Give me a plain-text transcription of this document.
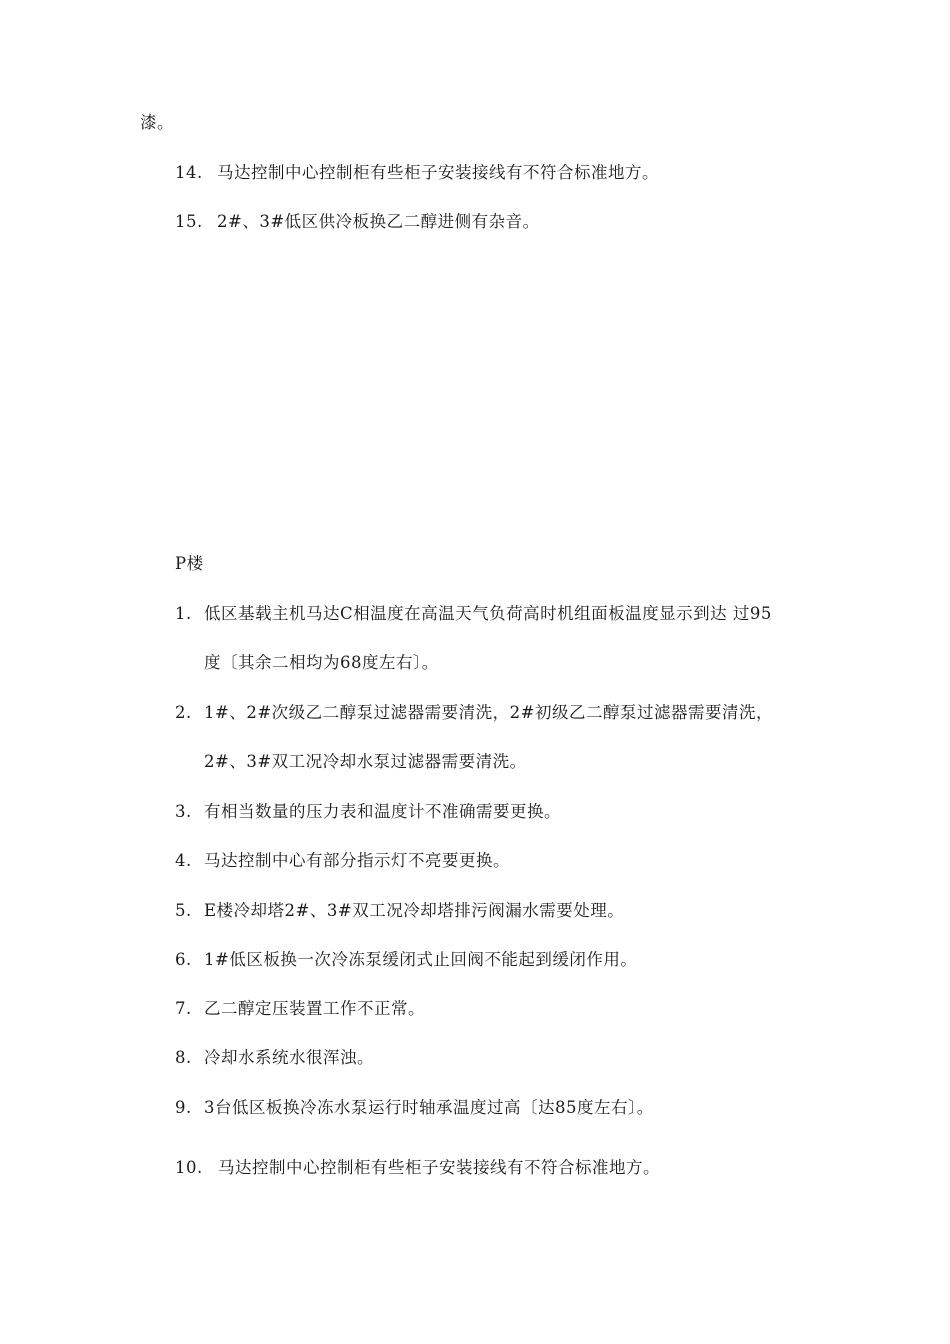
漆。
14. 马达控制中心控制柜有些柜子安装接线有不符合标准地方。
15. 2#、3#低区供冷板换乙二醇进侧有杂音。
P楼
1. 低区基载主机马达C相温度在高温天气负荷高时机组面板温度显示到达 过95
度〔其余二相均为68度左右〕。
2. 1#、2#次级乙二醇泵过滤器需要清洗，2#初级乙二醇泵过滤器需要清洗，
2#、3#双工况冷却水泵过滤器需要清洗。
3. 有相当数量的压力表和温度计不准确需要更换。
4. 马达控制中心有部分指示灯不亮要更换。
5. E楼冷却塔2#、3#双工况冷却塔排污阀漏水需要处理。
6. 1#低区板换一次冷冻泵缓闭式止回阀不能起到缓闭作用。
7. 乙二醇定压装置工作不正常。
8. 冷却水系统水很浑浊。
9. 3台低区板换冷冻水泵运行时轴承温度过高〔达85度左右〕。
10. 马达控制中心控制柜有些柜子安装接线有不符合标准地方。
